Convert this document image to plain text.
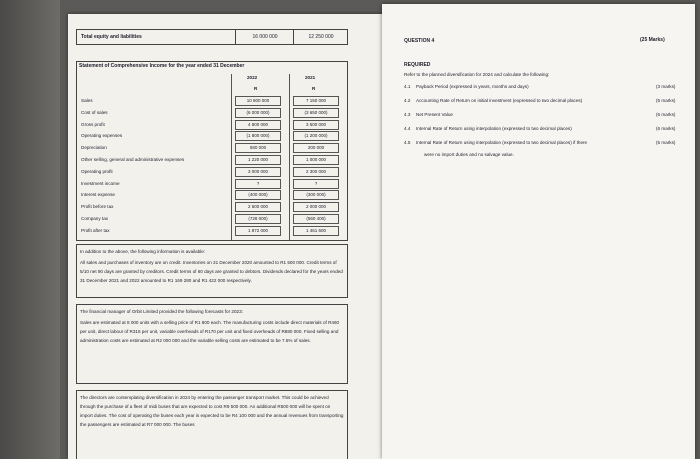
Total equity and liabilities	16 000 000	12 250 000
Statement of Comprehensive Income for the year ended 31 December
2022	2021
R	R
Sales	10 800 000	7 150 000
Cost of sales	(6 000 000)	(3 650 000)
Gross profit	4 800 000	3 500 000
Operating expenses	(1 800 000)	(1 200 000)
Depreciation	580 000	200 000
Other selling, general and administrative expenses	1 220 000	1 000 000
Operating profit	3 000 000	2 300 000
Investment income	?	?
Interest expense	(400 000)	(300 000)
Profit before tax	2 600 000	2 000 000
Company tax	(728 000)	(560 400)
Profit after tax	1 872 000	1 461 600

In addition to the above, the following information is available:

All sales and purchases of inventory are on credit. Inventories on 31 December 2020 amounted to R1 500 000. Credit terms of 5/10 net 90 days are granted by creditors. Credit terms of 60 days are granted to debtors. Dividends declared for the years ended 31 December 2021 and 2022 amounted to R1 169 280 and R1 422 000 respectively.

The financial manager of Orbit Limited provided the following forecasts for 2023:

Sales are estimated at 8 000 units with a selling price of R1 800 each. The manufacturing costs include direct materials of R460 per unit, direct labour of R315 per unit, variable overheads of R170 per unit and fixed overheads of R880 000. Fixed selling and administration costs are estimated at R2 000 000 and the variable selling costs are estimated to be 7.5% of sales.

The directors are contemplating diversification in 2024 by entering the passenger transport market. This could be achieved through the purchase of a fleet of midi buses that are expected to cost R9 500 000. An additional R500 000 will be spent on import duties. The cost of operating the buses each year is expected to be R4 100 000 and the annual revenues from transporting the passengers are estimated at R7 000 000. The buses

QUESTION 4	(25 Marks)
REQUIRED
Refer to the planned diversification for 2024 and calculate the following:
4.1 Payback Period (expressed in years, months and days)	(3 marks)
4.2 Accounting Rate of Return on initial investment (expressed to two decimal places)	(5 marks)
4.3 Net Present Value	(6 marks)
4.4 Internal Rate of Return using interpolation (expressed to two decimal places)	(6 marks)
4.5 Internal Rate of Return using interpolation (expressed to two decimal places) if there	(5 marks)
were no import duties and no salvage value.
